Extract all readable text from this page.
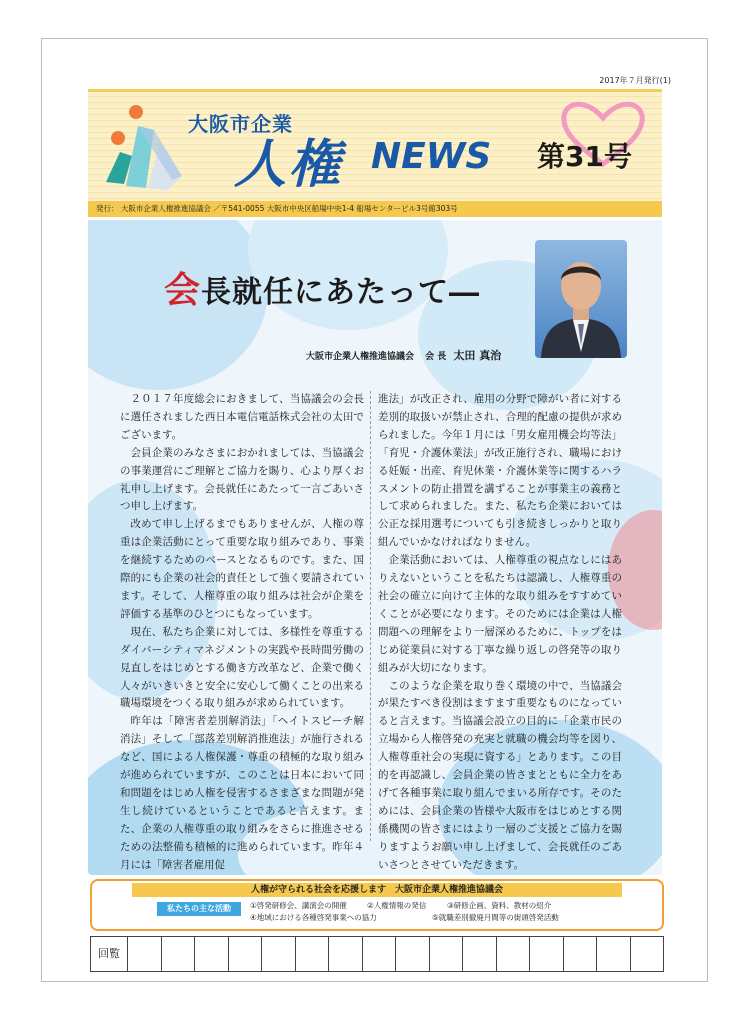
2017年７月発行(1)
大阪市企業
人権 NEWS 第31号
発行： 大阪市企業人権推進協議会 ／〒541-0055 大阪市中央区船場中央1-4 船場センタービル3号館303号
会長就任にあたって―
大阪市企業人権推進協議会 会 長 太田 真治

２０１７年度総会におきまして、当協議会の会長に選任されました西日本電信電話株式会社の太田でございます。

会員企業のみなさまにおかれましては、当協議会の事業運営にご理解とご協力を賜り、心より厚くお礼申し上げます。会長就任にあたって一言ごあいさつ申し上げます。

改めて申し上げるまでもありませんが、人権の尊重は企業活動にとって重要な取り組みであり、事業を継続するためのベースとなるものです。また、国際的にも企業の社会的責任として強く要請されています。そして、人権尊重の取り組みは社会が企業を評価する基準のひとつにもなっています。

現在、私たち企業に対しては、多様性を尊重するダイバーシティマネジメントの実践や長時間労働の見直しをはじめとする働き方改革など、企業で働く人々がいきいきと安全に安心して働くことの出来る職場環境をつくる取り組みが求められています。

昨年は「障害者差別解消法」「ヘイトスピーチ解消法」そして「部落差別解消推進法」が施行されるなど、国による人権保護・尊重の積極的な取り組みが進められていますが、このことは日本において同和問題をはじめ人権を侵害するさまざまな問題が発生し続けているということであると言えます。また、企業の人権尊重の取り組みをさらに推進させるための法整備も積極的に進められています。昨年４月には「障害者雇用促

進法」が改正され、雇用の分野で障がい者に対する差別的取扱いが禁止され、合理的配慮の提供が求められました。今年１月には「男女雇用機会均等法」「育児・介護休業法」が改正施行され、職場における妊娠・出産、育児休業・介護休業等に関するハラスメントの防止措置を講ずることが事業主の義務として求められました。また、私たち企業においては公正な採用選考についても引き続きしっかりと取り組んでいかなければなりません。

企業活動においては、人権尊重の視点なしにはありえないということを私たちは認識し、人権尊重の社会の確立に向けて主体的な取り組みをすすめていくことが必要になります。そのためには企業は人権問題への理解をより一層深めるために、トップをはじめ従業員に対する丁寧な繰り返しの啓発等の取り組みが大切になります。

このような企業を取り巻く環境の中で、当協議会が果たすべき役割はますます重要なものになっていると言えます。当協議会設立の目的に「企業市民の立場から人権啓発の充実と就職の機会均等を図り、人権尊重社会の実現に資する」とあります。この目的を再認識し、会員企業の皆さまとともに全力をあげて各種事業に取り組んでまいる所存です。そのためには、会員企業の皆様や大阪市をはじめとする関係機関の皆さまにはより一層のご支援とご協力を賜りますようお願い申し上げまして、会長就任のごあいさつとさせていただきます。

人権が守られる社会を応援します　大阪市企業人権推進協議会
私たちの主な活動	①啓発研修会、講演会の開催	②人権情報の発信	③研修企画、資料、教材の紹介
④地域における各種啓発事業への協力	⑤就職差別撤廃月間等の街頭啓発活動
回覧
